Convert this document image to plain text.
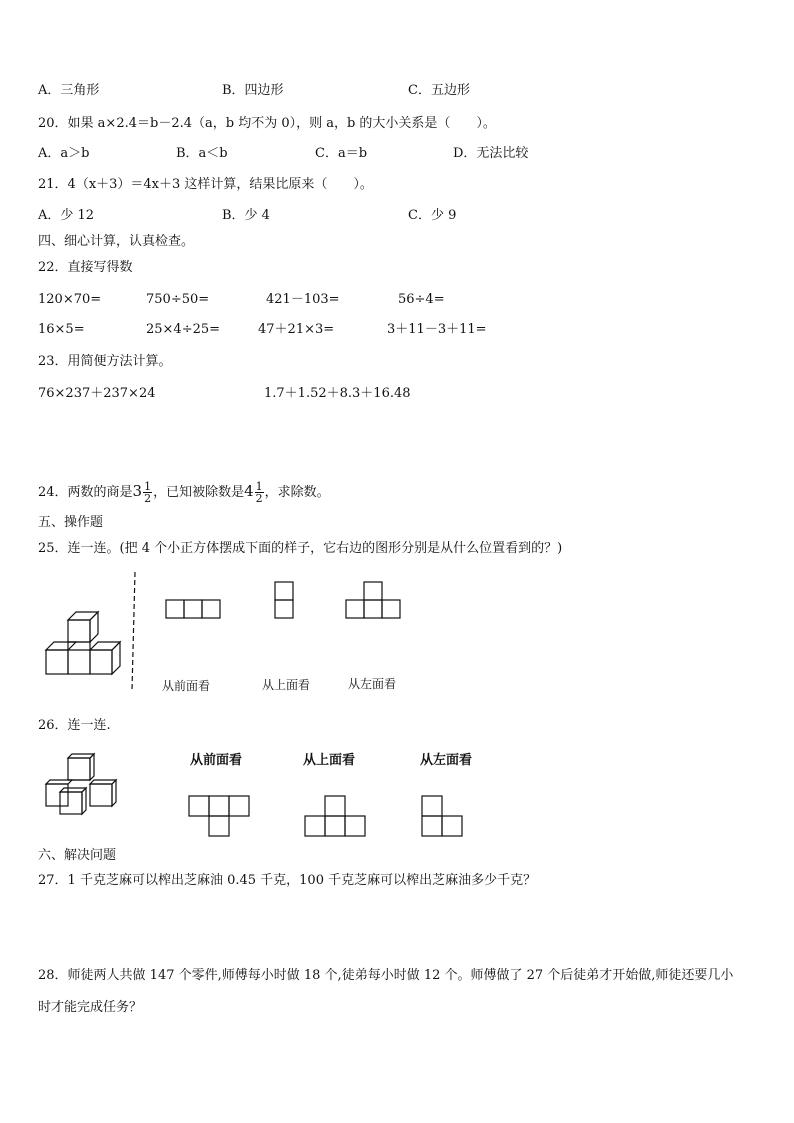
A．三角形	B．四边形	C．五边形
20．如果 a×2.4＝b－2.4（a，b 均不为 0），则 a，b 的大小关系是（　　）。
A．a＞b	B．a＜b	C．a＝b	D．无法比较
21．4（x＋3）＝4x＋3 这样计算，结果比原来（　　）。
A．少 12	B．少 4	C．少 9
四、细心计算，认真检查。
22．直接写得数
120×70=	750÷50=	421－103=	56÷4=
16×5=	25×4÷25=	47＋21×3=	3＋11－3＋11=
23．用简便方法计算。
76×237＋237×24	1.7＋1.52＋8.3＋16.48
24．两数的商是$3 \frac{1}{2}$ ，已知被除数是$4 \frac{1}{2}$ ，求除数。
五、操作题
25．连一连。(把 4 个小正方体摆成下面的样子，它右边的图形分别是从什么位置看到的？)
从前面看	从上面看	从左面看
26．连一连.
从前面看	从上面看	从左面看
六、解决问题
27．1 千克芝麻可以榨出芝麻油 0.45 千克，100 千克芝麻可以榨出芝麻油多少千克？
28．师徒两人共做 147 个零件,师傅每小时做 18 个,徒弟每小时做 12 个。师傅做了 27 个后徒弟才开始做,师徒还要几小
时才能完成任务？
